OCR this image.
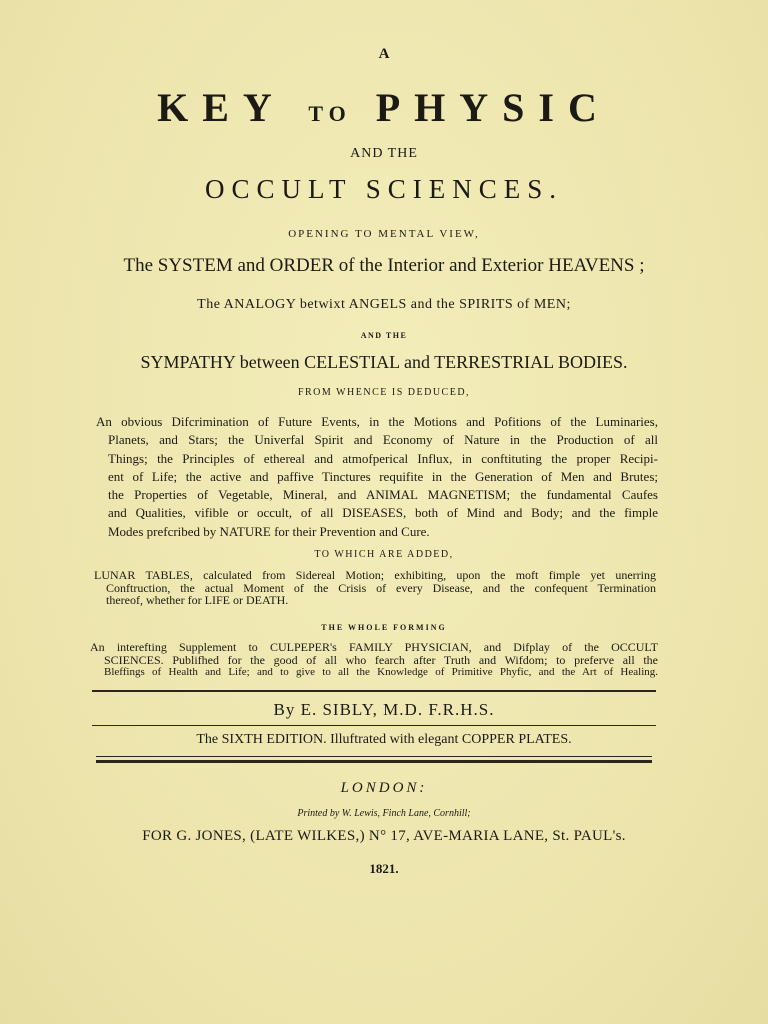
A
KEY TO PHYSIC
AND THE
OCCULT SCIENCES.
OPENING TO MENTAL VIEW,
The SYSTEM and ORDER of the Interior and Exterior HEAVENS ;
The ANALOGY betwixt ANGELS and the SPIRITS of MEN;
AND THE
SYMPATHY between CELESTIAL and TERRESTRIAL BODIES.
FROM WHENCE IS DEDUCED,
An obvious Difcrimination of Future Events, in the Motions and Pofitions of the Luminaries,
Planets, and Stars; the Univerfal Spirit and Economy of Nature in the Production of all
Things; the Principles of ethereal and atmofperical Influx, in conftituting the proper Recipi-
ent of Life; the active and paffive Tinctures requifite in the Generation of Men and Brutes;
the Properties of Vegetable, Mineral, and ANIMAL MAGNETISM; the fundamental Caufes
and Qualities, vifible or occult, of all DISEASES, both of Mind and Body; and the fimple
Modes prefcribed by NATURE for their Prevention and Cure.
TO WHICH ARE ADDED,
LUNAR TABLES, calculated from Sidereal Motion; exhibiting, upon the moft fimple yet unerring
Conftruction, the actual Moment of the Crisis of every Disease, and the confequent Termination
thereof, whether for LIFE or DEATH.
THE WHOLE FORMING
An interefting Supplement to CULPEPER's FAMILY PHYSICIAN, and Difplay of the OCCULT
SCIENCES. Publifhed for the good of all who fearch after Truth and Wifdom; to preferve all the
Bleffings of Health and Life; and to give to all the Knowledge of Primitive Phyfic, and the Art of Healing.
By E. SIBLY, M.D. F.R.H.S.
The SIXTH EDITION. Illuftrated with elegant COPPER PLATES.
LONDON:
Printed by W. Lewis, Finch Lane, Cornhill;
FOR G. JONES, (LATE WILKES,) N° 17, AVE-MARIA LANE, St. PAUL's.
1821.
